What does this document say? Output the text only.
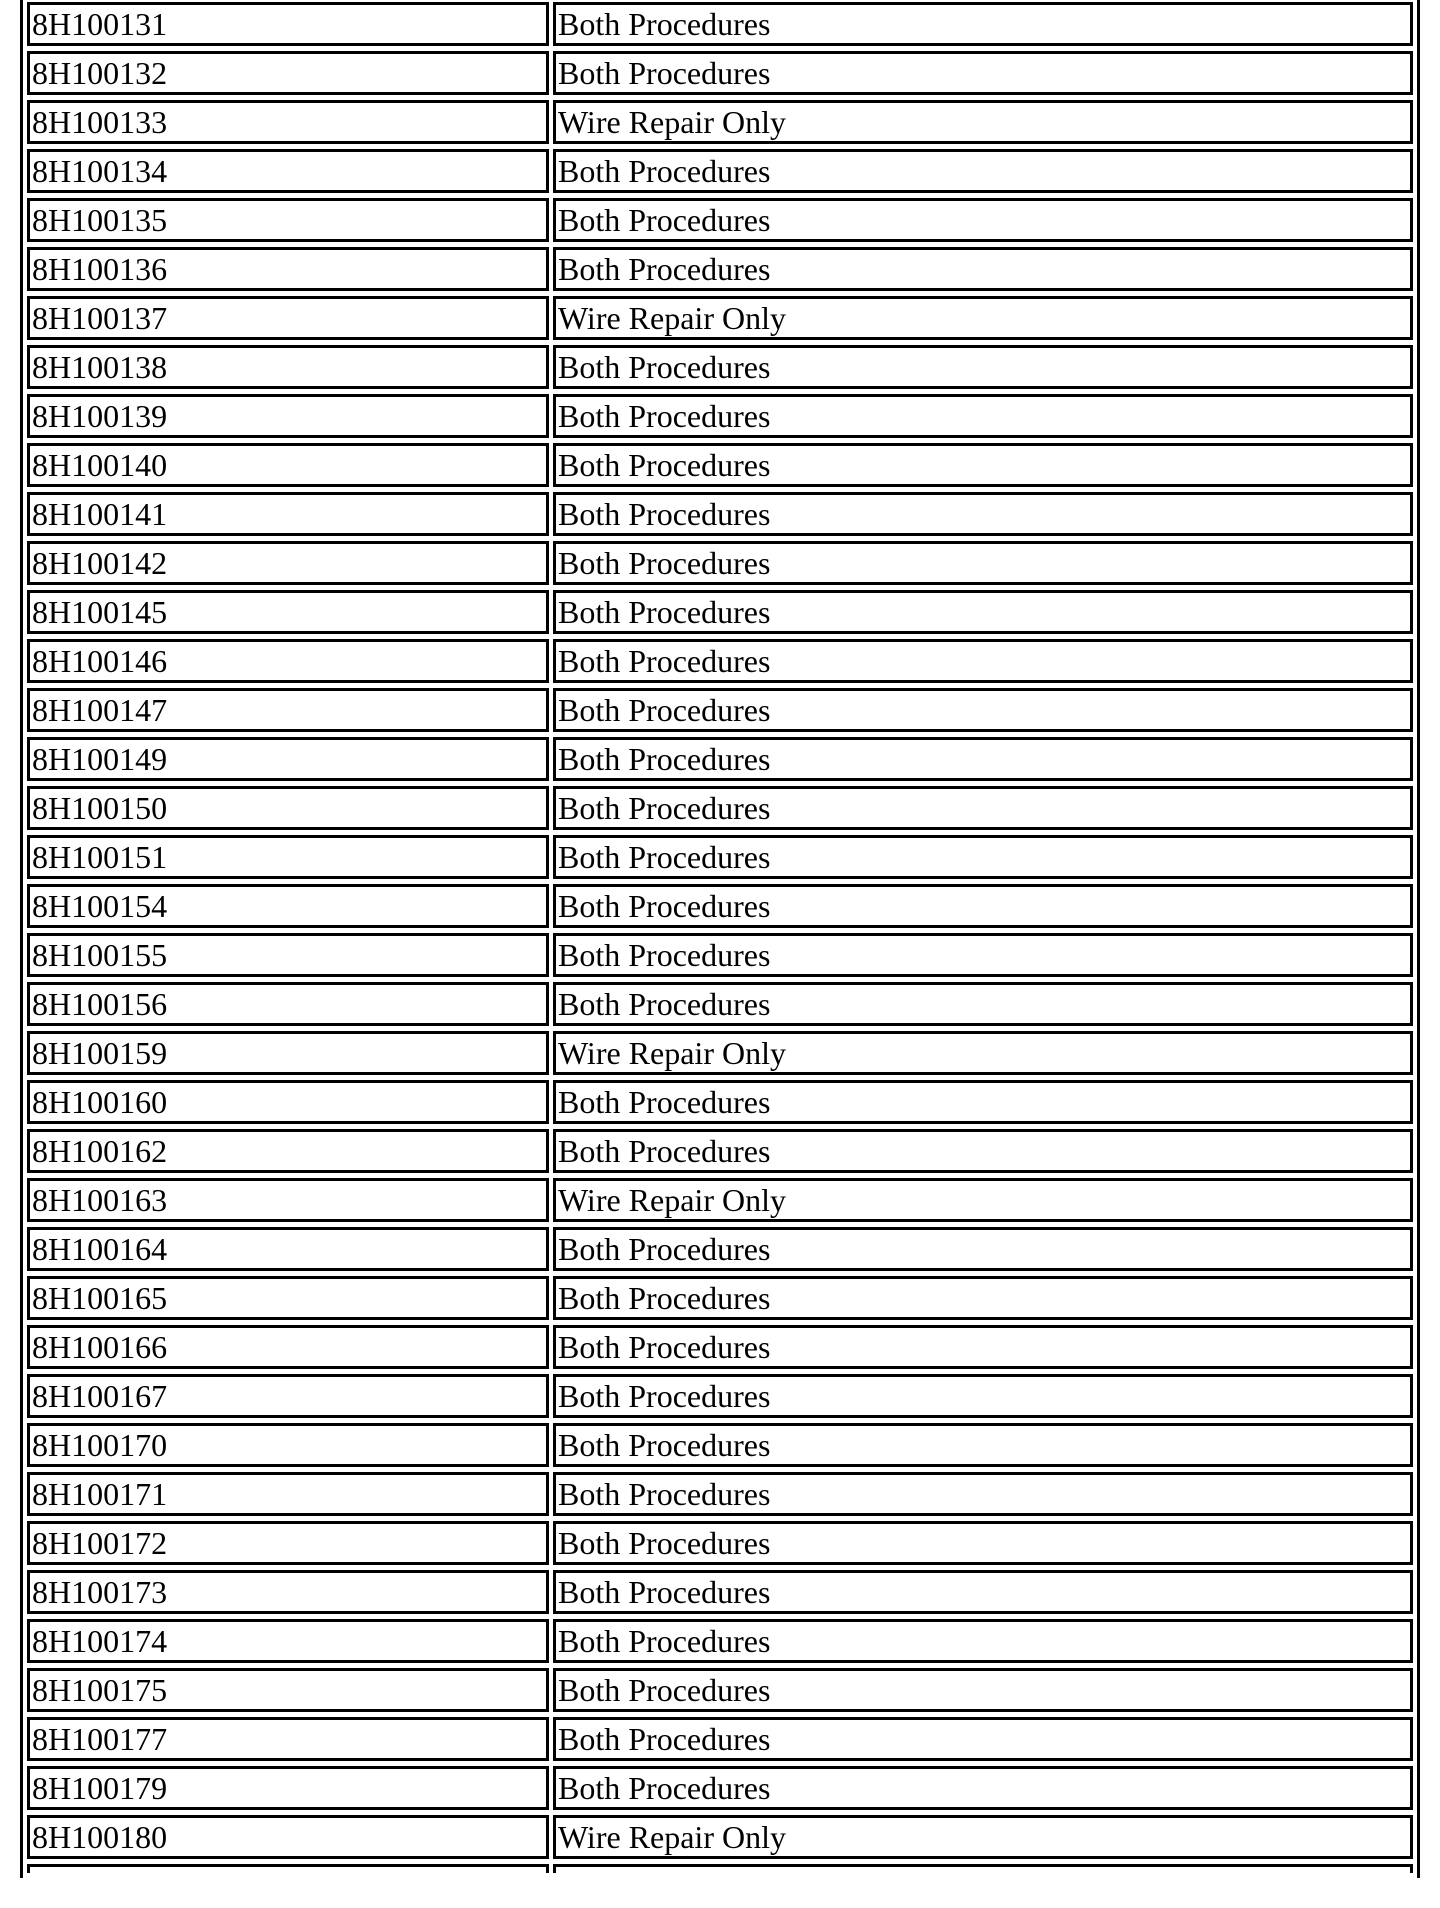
8H100131	Both Procedures
8H100132	Both Procedures
8H100133	Wire Repair Only
8H100134	Both Procedures
8H100135	Both Procedures
8H100136	Both Procedures
8H100137	Wire Repair Only
8H100138	Both Procedures
8H100139	Both Procedures
8H100140	Both Procedures
8H100141	Both Procedures
8H100142	Both Procedures
8H100145	Both Procedures
8H100146	Both Procedures
8H100147	Both Procedures
8H100149	Both Procedures
8H100150	Both Procedures
8H100151	Both Procedures
8H100154	Both Procedures
8H100155	Both Procedures
8H100156	Both Procedures
8H100159	Wire Repair Only
8H100160	Both Procedures
8H100162	Both Procedures
8H100163	Wire Repair Only
8H100164	Both Procedures
8H100165	Both Procedures
8H100166	Both Procedures
8H100167	Both Procedures
8H100170	Both Procedures
8H100171	Both Procedures
8H100172	Both Procedures
8H100173	Both Procedures
8H100174	Both Procedures
8H100175	Both Procedures
8H100177	Both Procedures
8H100179	Both Procedures
8H100180	Wire Repair Only
